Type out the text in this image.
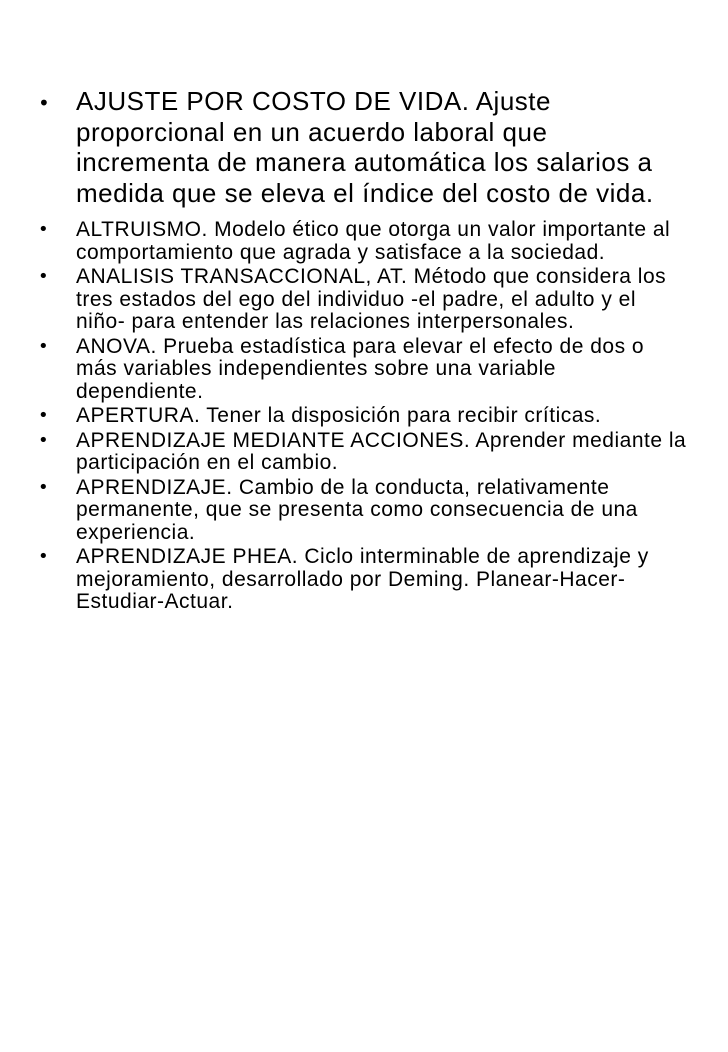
• AJUSTE POR COSTO DE VIDA. Ajuste proporcional en un acuerdo laboral que incrementa de manera automática los salarios a medida que se eleva el índice del costo de vida.
• ALTRUISMO. Modelo ético que otorga un valor importante al comportamiento que agrada y satisface a la sociedad.
• ANALISIS TRANSACCIONAL, AT. Método que considera los tres estados del ego del individuo -el padre, el adulto y el niño- para entender las relaciones interpersonales.
• ANOVA. Prueba estadística para elevar el efecto de dos o más variables independientes sobre una variable dependiente.
• APERTURA. Tener la disposición para recibir críticas.
• APRENDIZAJE MEDIANTE ACCIONES. Aprender mediante la participación en el cambio.
• APRENDIZAJE. Cambio de la conducta, relativamente permanente, que se presenta como consecuencia de una experiencia.
• APRENDIZAJE PHEA. Ciclo interminable de aprendizaje y mejoramiento, desarrollado por Deming. Planear-Hacer-Estudiar-Actuar.
